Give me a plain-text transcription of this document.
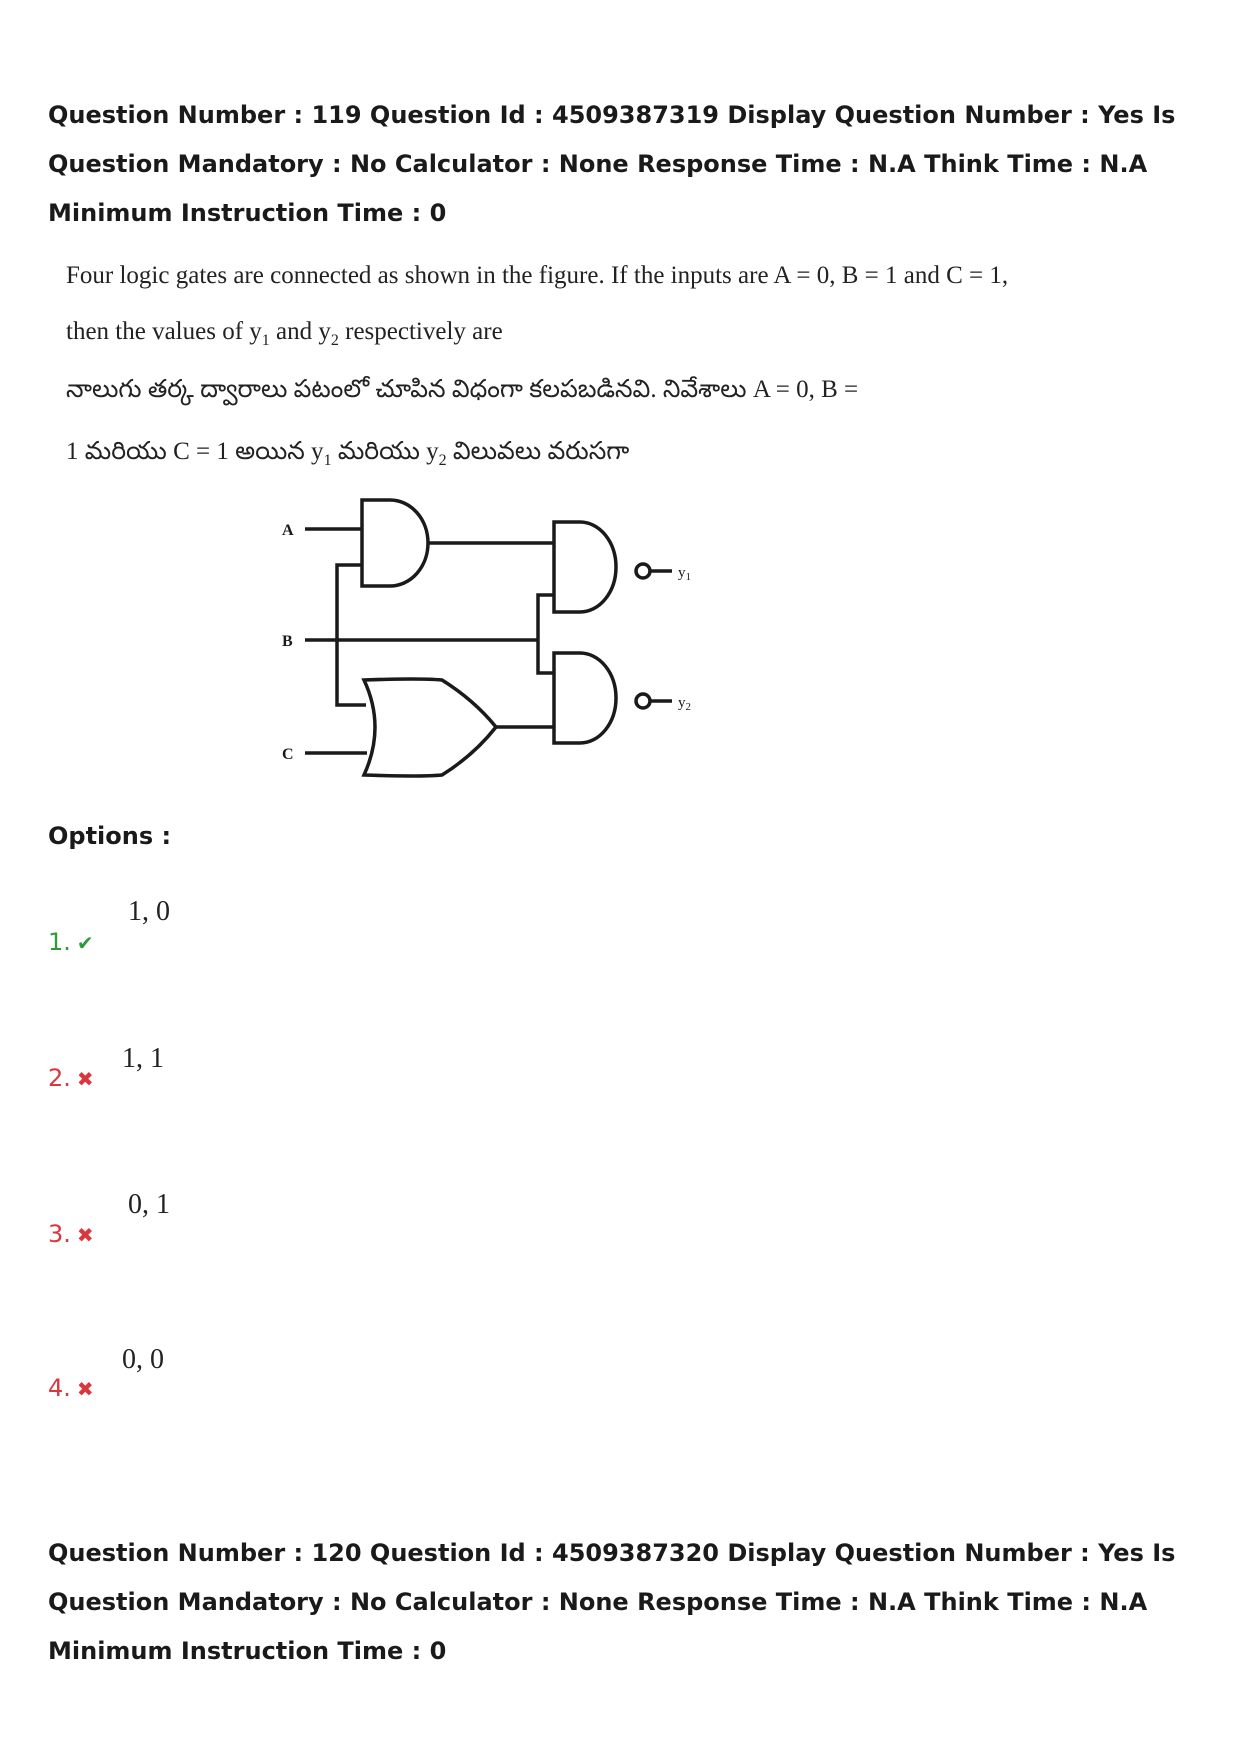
Question Number : 119 Question Id : 4509387319 Display Question Number : Yes Is Question Mandatory : No Calculator : None Response Time : N.A Think Time : N.A Minimum Instruction Time : 0
Four logic gates are connected as shown in the figure. If the inputs are A = 0, B = 1 and C = 1,
then the values of $y_1$ and $y_2$ respectively are
నాలుగు తర్క ద్వారాలు పటంలో చూపిన విధంగా కలపబడినవి. నివేశాలు A = 0, B =
1 మరియు C = 1 అయిన $y_1$ మరియు $y_2$ విలువలు వరుసగా
A
B
C
$y_1$
$y_2$
Options :
1. ✔
1, 0
2. ✖
1, 1
3. ✖
0, 1
4. ✖
0, 0
Question Number : 120 Question Id : 4509387320 Display Question Number : Yes Is Question Mandatory : No Calculator : None Response Time : N.A Think Time : N.A Minimum Instruction Time : 0
